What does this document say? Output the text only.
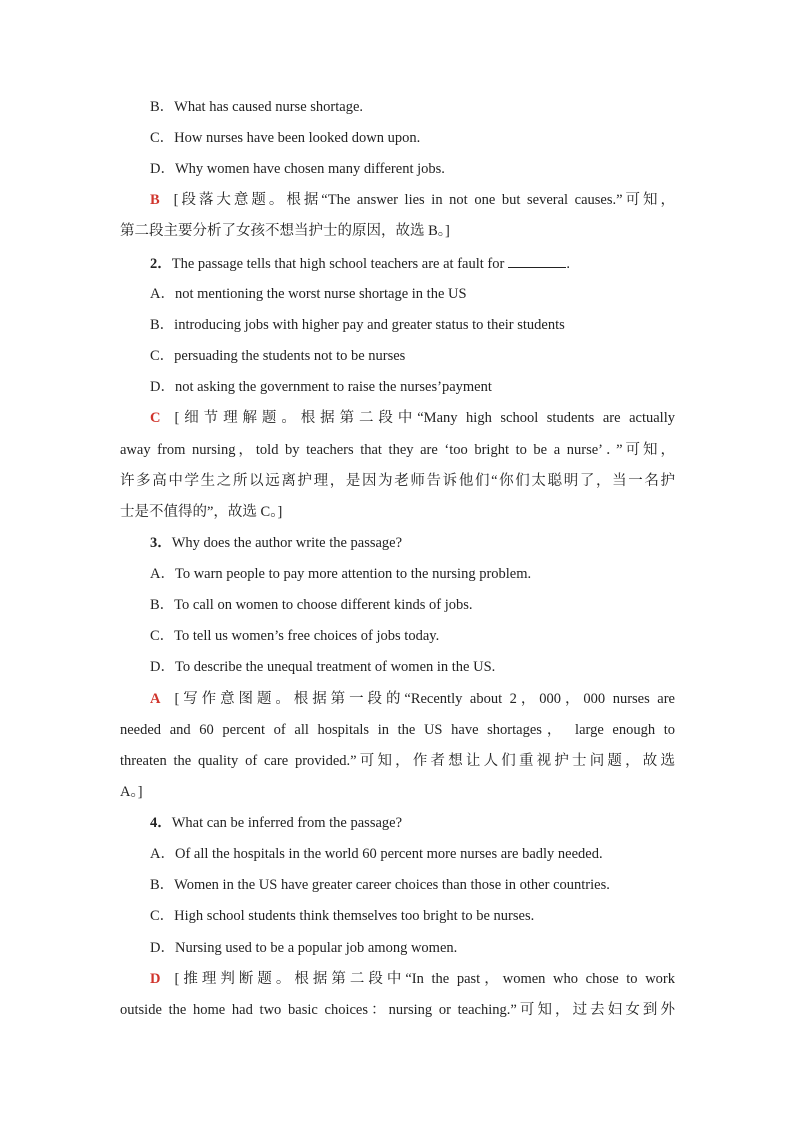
B．What has caused nurse shortage.
C．How nurses have been looked down upon.
D．Why women have chosen many different jobs.
B [段落大意题。根据“The answer lies in not one but several causes.”可知，
第二段主要分析了女孩不想当护士的原因，故选 B。]
2．The passage tells that high school teachers are at fault for	.
A．not mentioning the worst nurse shortage in the US
B．introducing jobs with higher pay and greater status to their students
C．persuading the students not to be nurses
D．not asking the government to raise the nurses’payment
C [细节理解题。根据第二段中“Many high school students are actually
away from nursing，told by teachers that they are ‘too bright to be a nurse’．”可知，
许多高中学生之所以远离护理，是因为老师告诉他们“你们太聪明了，当一名护
士是不值得的”，故选 C。]
3．Why does the author write the passage?
A．To warn people to pay more attention to the nursing problem.
B．To call on women to choose different kinds of jobs.
C．To tell us women’s free choices of jobs today.
D．To describe the unequal treatment of women in the US.
A [写作意图题。根据第一段的“Recently about 2，000，000 nurses are
needed and 60 percent of all hospitals in the US have shortages， large enough to
threaten the quality of care provided.”可知，作者想让人们重视护士问题，故选
A。]
4．What can be inferred from the passage?
A．Of all the hospitals in the world 60 percent more nurses are badly needed.
B．Women in the US have greater career choices than those in other countries.
C．High school students think themselves too bright to be nurses.
D．Nursing used to be a popular job among women.
D [推理判断题。根据第二段中“In the past，women who chose to work
outside the home had two basic choices：nursing or teaching.”可知，过去妇女到外
